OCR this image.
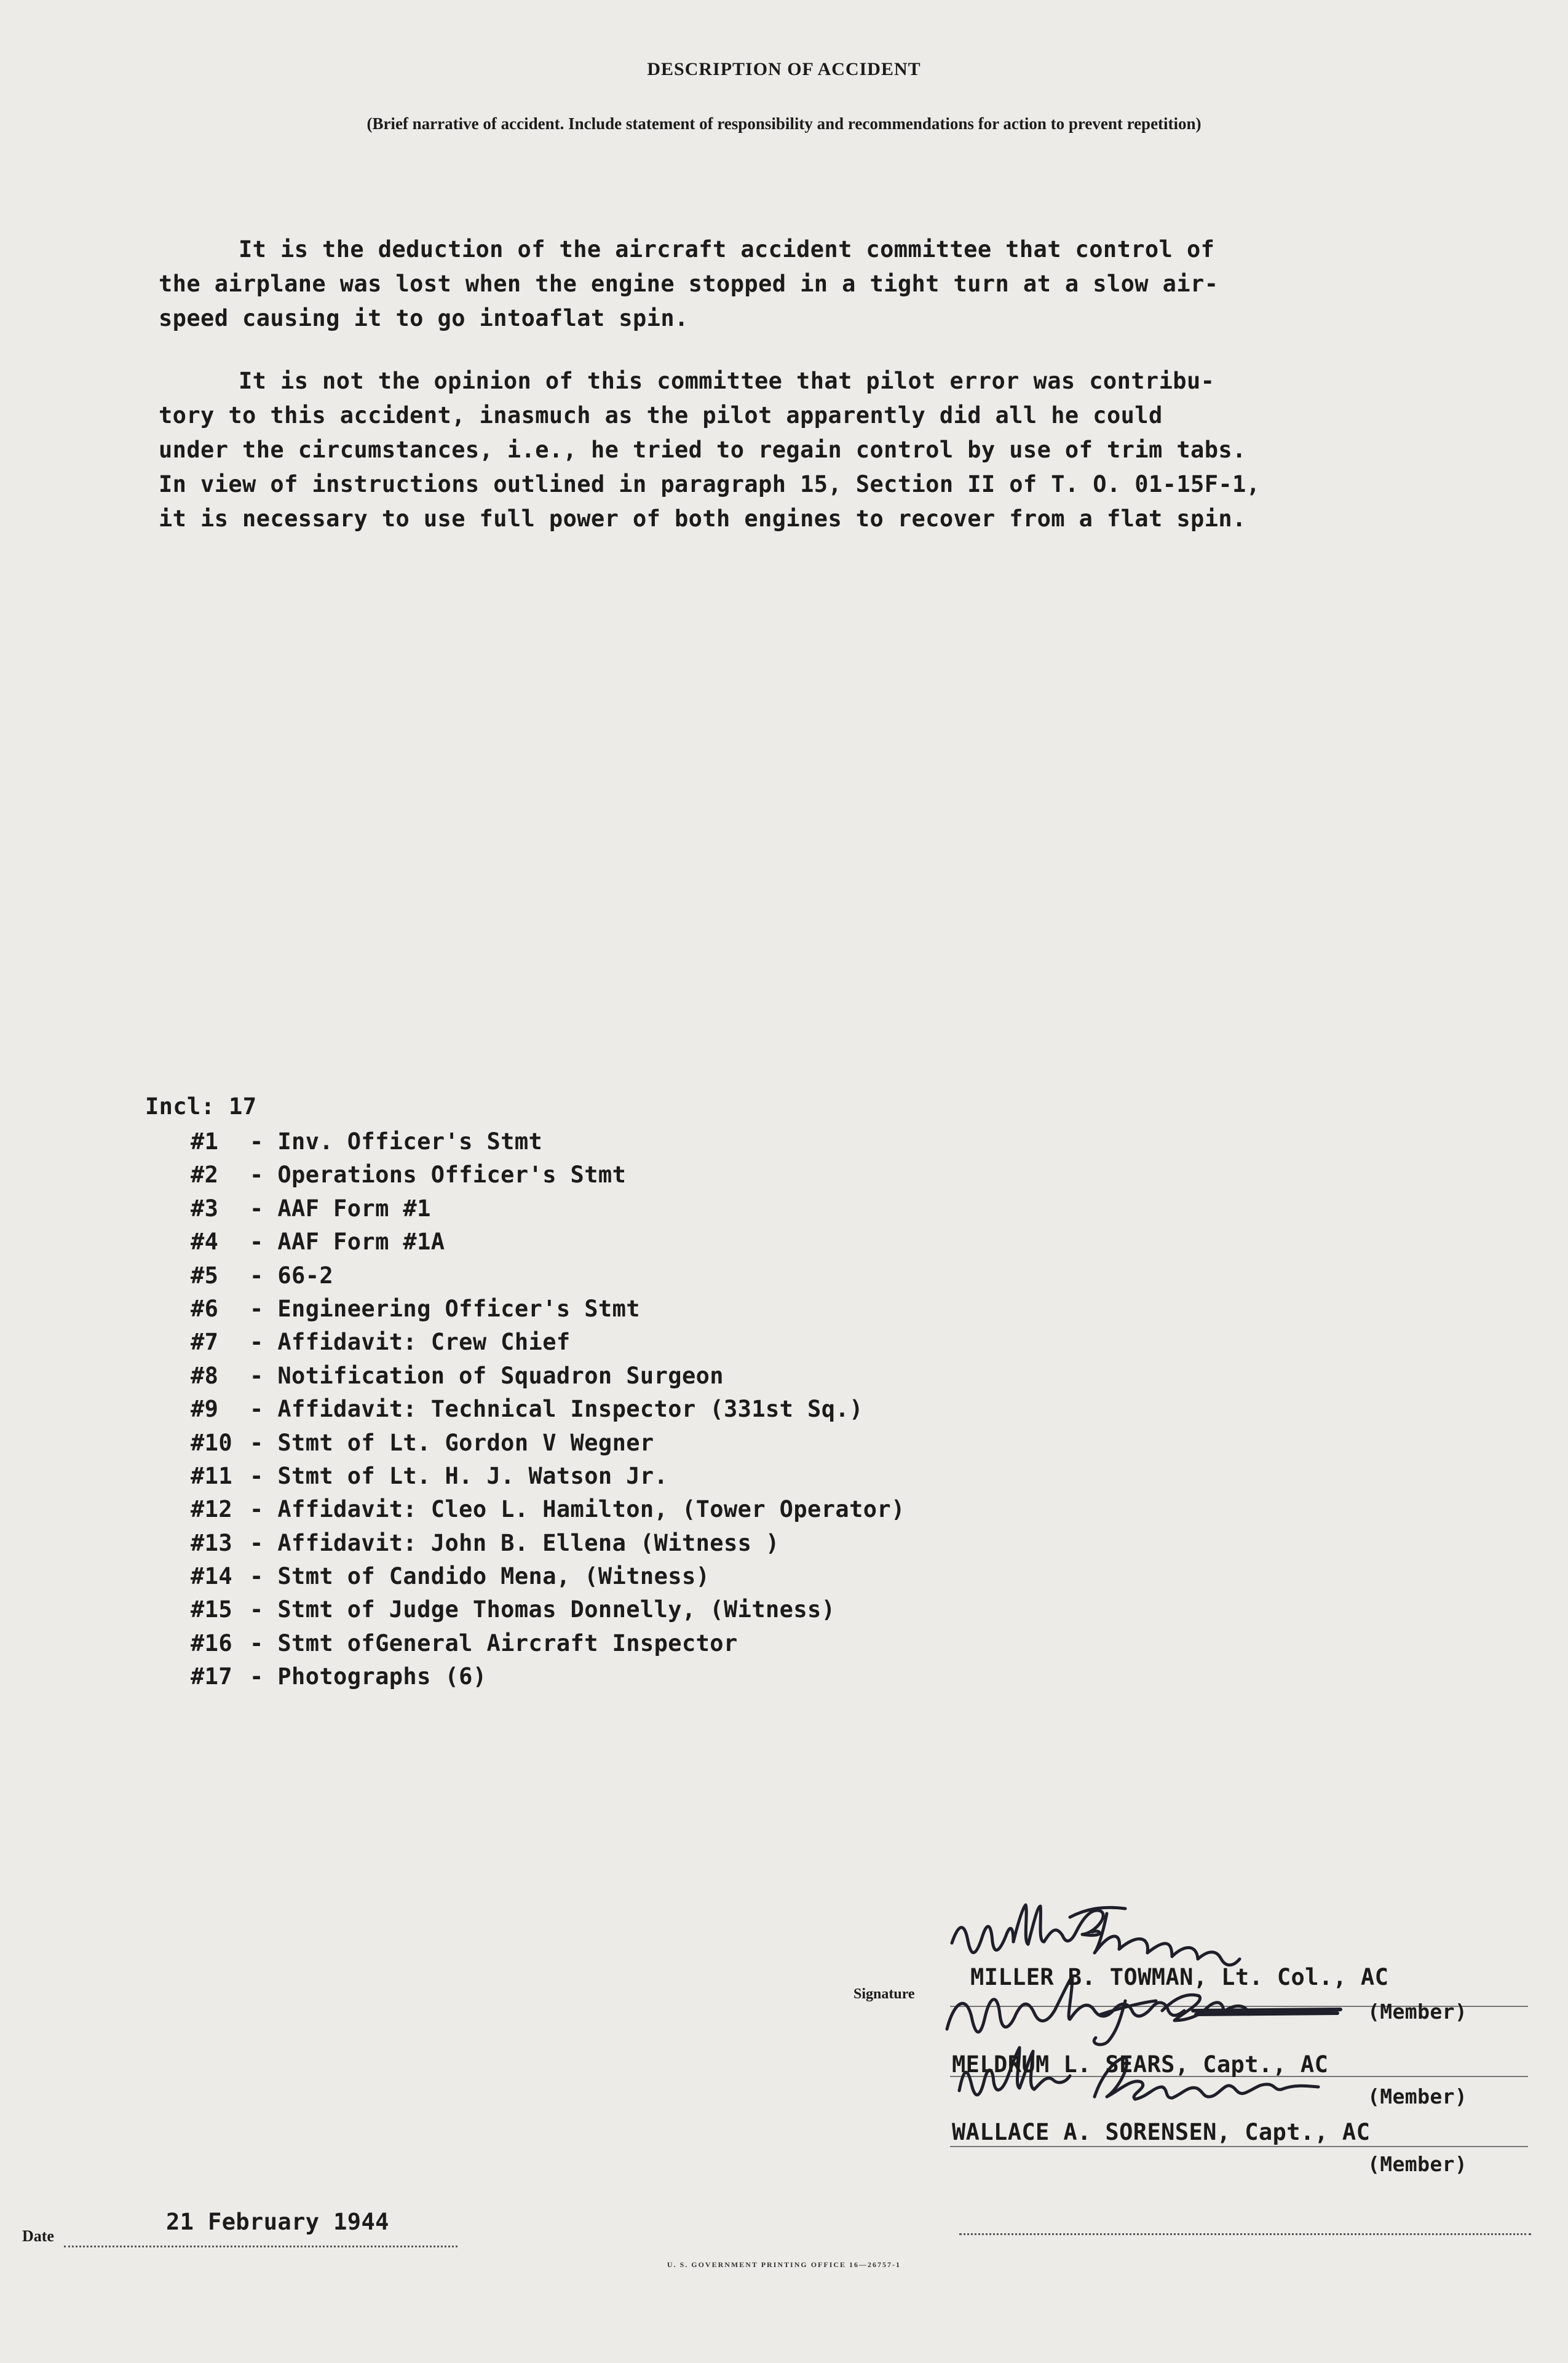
DESCRIPTION OF ACCIDENT
(Brief narrative of accident. Include statement of responsibility and recommendations for action to prevent repetition)
It is the deduction of the aircraft accident committee that control of
the airplane was lost when the engine stopped in a tight turn at a slow air-
speed causing it to go intoaflat spin.
It is not the opinion of this committee that pilot error was contribu-
tory to this accident, inasmuch as the pilot apparently did all he could
under the circumstances, i.e., he tried to regain control by use of trim tabs.
In view of instructions outlined in paragraph 15, Section II of T. O. 01-15F-1,
it is necessary to use full power of both engines to recover from a flat spin.
Incl: 17
#1 - Inv. Officer's Stmt
#2 - Operations Officer's Stmt
#3 - AAF Form #1
#4 - AAF Form #1A
#5 - 66-2
#6 - Engineering Officer's Stmt
#7 - Affidavit: Crew Chief
#8 - Notification of Squadron Surgeon
#9 - Affidavit: Technical Inspector (331st Sq.)
#10 - Stmt of Lt. Gordon V Wegner
#11 - Stmt of Lt. H. J. Watson Jr.
#12 - Affidavit: Cleo L. Hamilton, (Tower Operator)
#13 - Affidavit: John B. Ellena (Witness )
#14 - Stmt of Candido Mena, (Witness)
#15 - Stmt of Judge Thomas Donnelly, (Witness)
#16 - Stmt ofGeneral Aircraft Inspector
#17 - Photographs (6)
Signature
MILLER B. TOWMAN, Lt. Col., AC
(Member)
MELDRUM L. SEARS, Capt., AC
(Member)
WALLACE A. SORENSEN, Capt., AC
(Member)
Date
21 February 1944
U. S. GOVERNMENT PRINTING OFFICE 16—26757-1
